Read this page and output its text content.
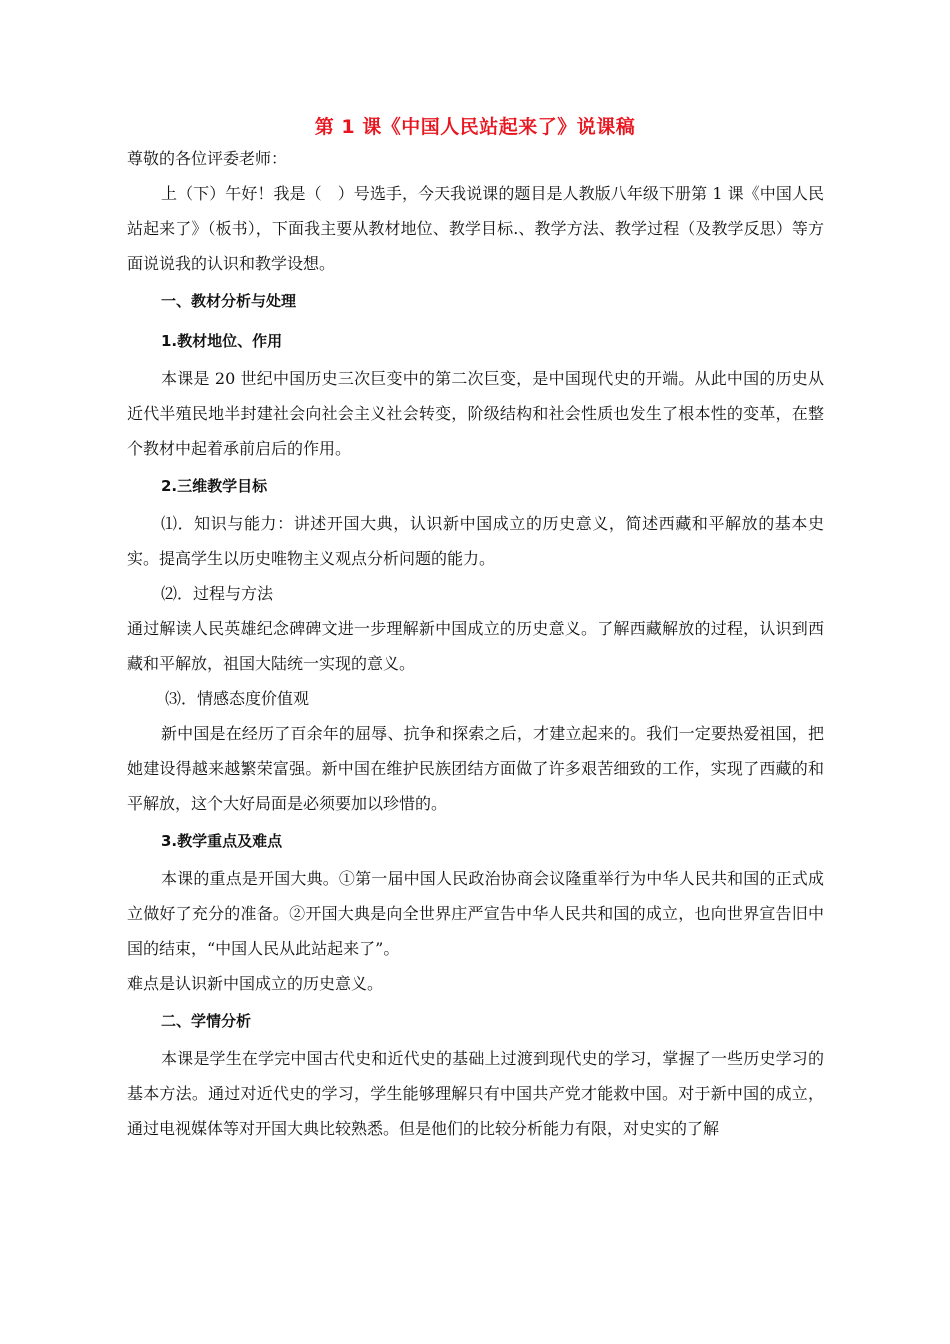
第 1 课《中国人民站起来了》说课稿

尊敬的各位评委老师：

上（下）午好！我是（　）号选手，今天我说课的题目是人教版八年级下册第 1 课《中国人民站起来了》（板书），下面我主要从教材地位、教学目标.、教学方法、教学过程（及教学反思）等方面说说我的认识和教学设想。

一、教材分析与处理

1.教材地位、作用

本课是 20 世纪中国历史三次巨变中的第二次巨变，是中国现代史的开端。从此中国的历史从近代半殖民地半封建社会向社会主义社会转变，阶级结构和社会性质也发生了根本性的变革，在整个教材中起着承前启后的作用。

2.三维教学目标

⑴．知识与能力：讲述开国大典，认识新中国成立的历史意义，简述西藏和平解放的基本史实。提高学生以历史唯物主义观点分析问题的能力。

⑵．过程与方法

通过解读人民英雄纪念碑碑文进一步理解新中国成立的历史意义。了解西藏解放的过程，认识到西藏和平解放，祖国大陆统一实现的意义。

⑶．情感态度价值观

新中国是在经历了百余年的屈辱、抗争和探索之后，才建立起来的。我们一定要热爱祖国，把她建设得越来越繁荣富强。新中国在维护民族团结方面做了许多艰苦细致的工作，实现了西藏的和平解放，这个大好局面是必须要加以珍惜的。

3.教学重点及难点

本课的重点是开国大典。①第一届中国人民政治协商会议隆重举行为中华人民共和国的正式成立做好了充分的准备。②开国大典是向全世界庄严宣告中华人民共和国的成立，也向世界宣告旧中国的结束，“中国人民从此站起来了”。

难点是认识新中国成立的历史意义。

二、学情分析

本课是学生在学完中国古代史和近代史的基础上过渡到现代史的学习，掌握了一些历史学习的基本方法。通过对近代史的学习，学生能够理解只有中国共产党才能救中国。对于新中国的成立，通过电视媒体等对开国大典比较熟悉。但是他们的比较分析能力有限，对史实的了解
